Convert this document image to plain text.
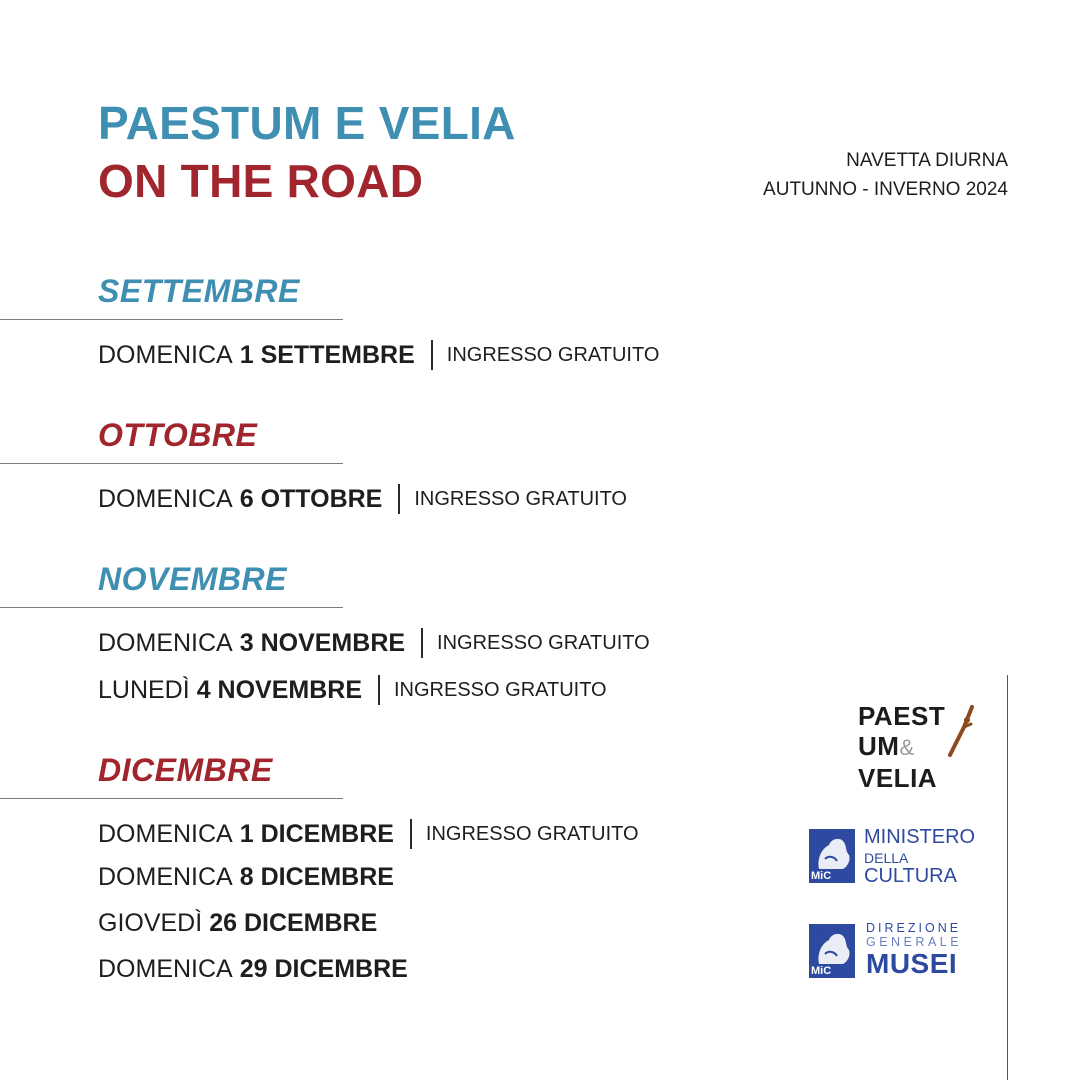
PAESTUM E VELIA
ON THE ROAD	NAVETTA DIURNA
AUTUNNO - INVERNO 2024
SETTEMBRE
DOMENICA 1 SETTEMBRE INGRESSO GRATUITO
OTTOBRE
DOMENICA 6 OTTOBRE INGRESSO GRATUITO
NOVEMBRE
DOMENICA 3 NOVEMBRE INGRESSO GRATUITO
LUNEDÌ 4 NOVEMBRE INGRESSO GRATUITO
DICEMBRE
DOMENICA 1 DICEMBRE INGRESSO GRATUITO
DOMENICA 8 DICEMBRE
GIOVEDÌ 26 DICEMBRE
DOMENICA 29 DICEMBRE
PAEST
UM&
VELIA
MiC
MINISTERO
DELLA
CULTURA
MiC
DIREZIONE
GENERALE
MUSEI
